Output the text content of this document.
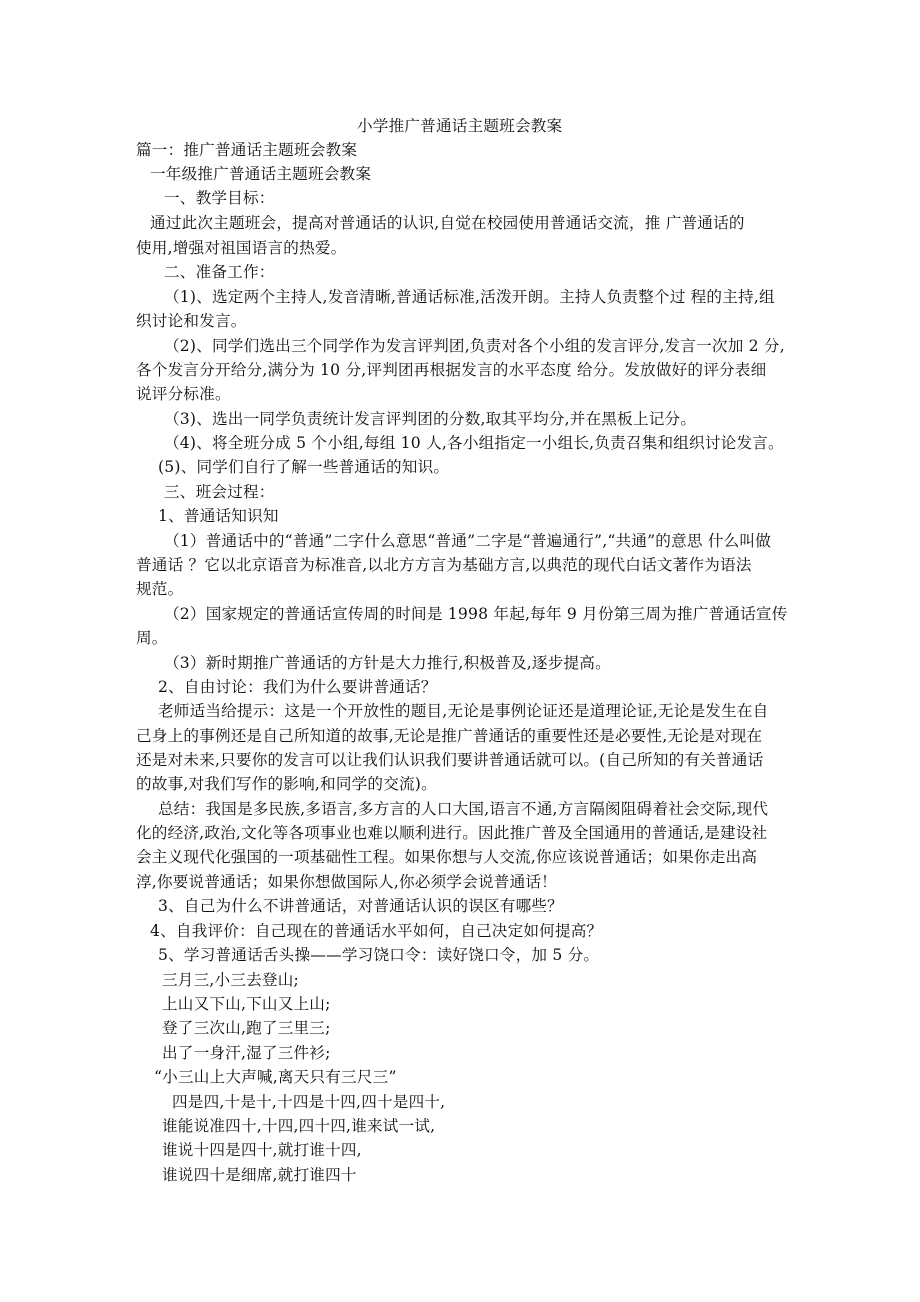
小学推广普通话主题班会教案
篇一：推广普通话主题班会教案
一年级推广普通话主题班会教案
一、教学目标：
通过此次主题班会，提高对普通话的认识,自觉在校园使用普通话交流，推 广普通话的
使用,增强对祖国语言的热爱。
二、准备工作：
（1)、选定两个主持人,发音清晰,普通话标准,活泼开朗。主持人负责整个过 程的主持,组
织讨论和发言。
（2)、同学们选出三个同学作为发言评判团,负责对各个小组的发言评分,发言一次加 2 分,
各个发言分开给分,满分为 10 分,评判团再根据发言的水平态度 给分。发放做好的评分表细
说评分标准。
（3)、选出一同学负责统计发言评判团的分数,取其平均分,并在黑板上记分。
（4)、将全班分成 5 个小组,每组 10 人,各小组指定一小组长,负责召集和组织讨论发言。
(5)、同学们自行了解一些普通话的知识。
三、班会过程：
1、普通话知识知
（1）普通话中的“普通”二字什么意思“普通”二字是“普遍通行”,“共通”的意思 什么叫做
普通话 ？它以北京语音为标准音,以北方方言为基础方言,以典范的现代白话文著作为语法
规范。
（2）国家规定的普通话宣传周的时间是 1998 年起,每年 9 月份第三周为推广普通话宣传
周。
（3）新时期推广普通话的方针是大力推行,积极普及,逐步提高。
2、自由讨论：我们为什么要讲普通话？
老师适当给提示：这是一个开放性的题目,无论是事例论证还是道理论证,无论是发生在自
己身上的事例还是自己所知道的故事,无论是推广普通话的重要性还是必要性,无论是对现在
还是对未来,只要你的发言可以让我们认识我们要讲普通话就可以。(自己所知的有关普通话
的故事,对我们写作的影响,和同学的交流)。
总结：我国是多民族,多语言,多方言的人口大国,语言不通,方言隔阂阻碍着社会交际,现代
化的经济,政治,文化等各项事业也难以顺利进行。因此推广普及全国通用的普通话,是建设社
会主义现代化强国的一项基础性工程。如果你想与人交流,你应该说普通话；如果你走出高
淳,你要说普通话；如果你想做国际人,你必须学会说普通话！
3、自己为什么不讲普通话，对普通话认识的误区有哪些？
4、自我评价：自己现在的普通话水平如何，自己决定如何提高？
5、学习普通话舌头操——学习饶口令：读好饶口令，加 5 分。
三月三,小三去登山;
上山又下山,下山又上山;
登了三次山,跑了三里三;
出了一身汗,湿了三件衫;
“小三山上大声喊,离天只有三尺三”
四是四,十是十,十四是十四,四十是四十,
谁能说准四十,十四,四十四,谁来试一试,
谁说十四是四十,就打谁十四,
谁说四十是细席,就打谁四十
